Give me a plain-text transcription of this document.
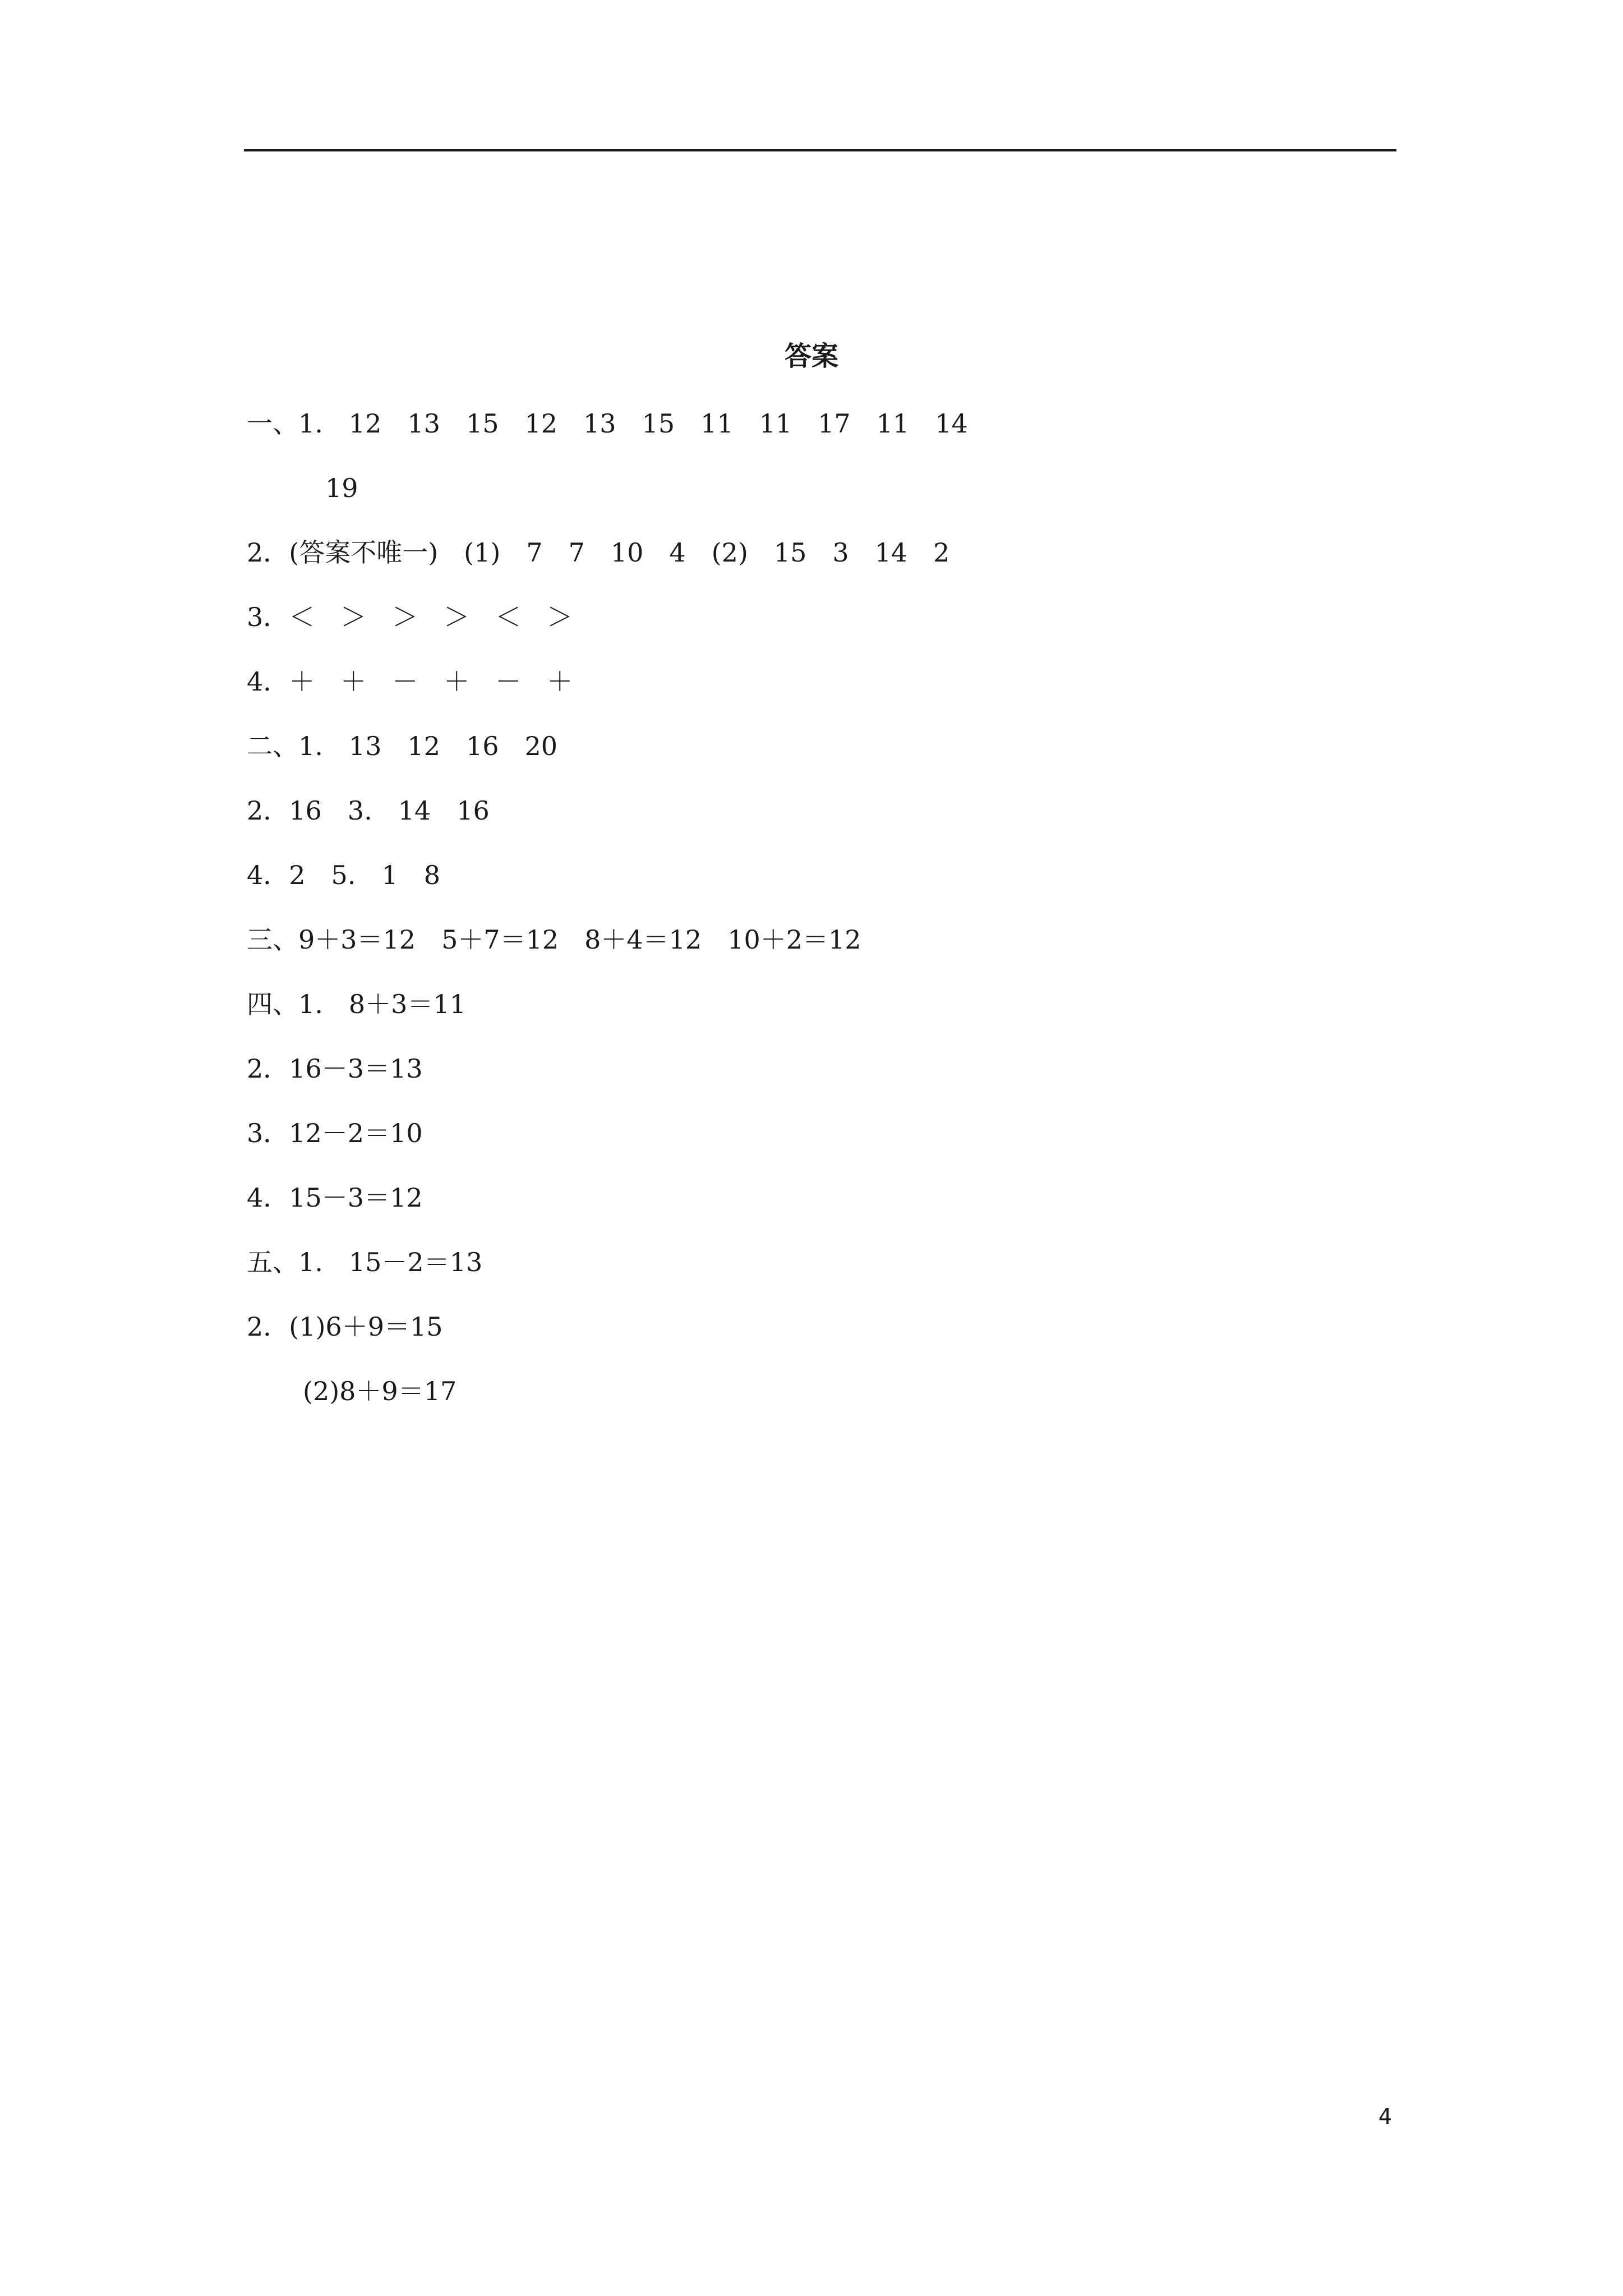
答案
一、1.　12　13　15　12　13　15　11　11　17　11　14
19
2．(答案不唯一)　(1)　7　7　10　4　(2)　15　3　14　2
3．＜　＞　＞　＞　＜　＞
4．＋　＋　－　＋　－　＋
二、1.　13　12　16　20
2．16　3.　14　16
4．2　5.　1　8
三、9＋3＝12　5＋7＝12　8＋4＝12　10＋2＝12
四、1.　8＋3＝11
2．16－3＝13
3．12－2＝10
4．15－3＝12
五、1.　15－2＝13
2．(1)6＋9＝15
(2)8＋9＝17
4
